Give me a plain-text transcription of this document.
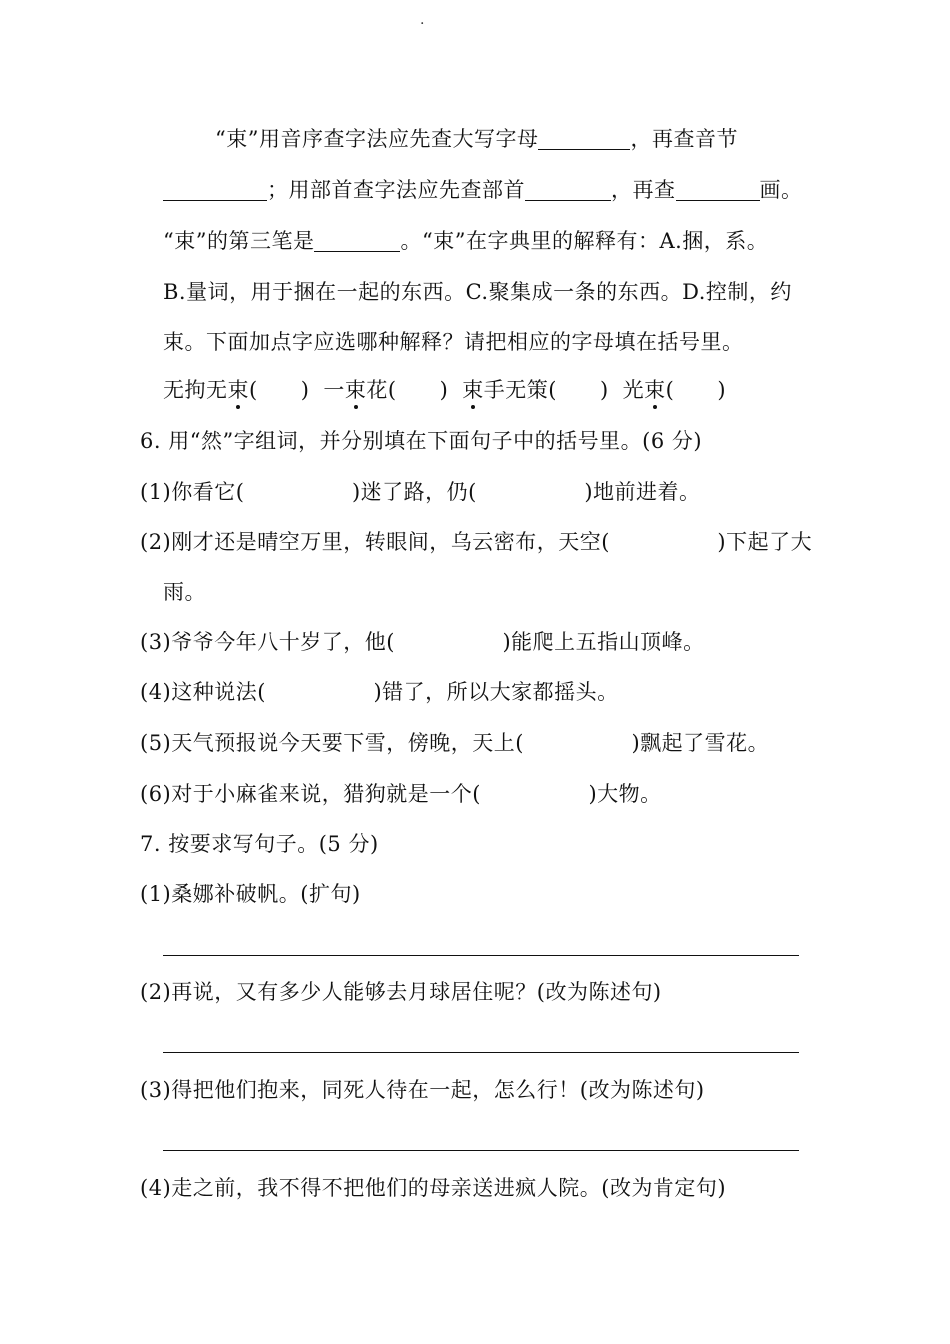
.
“束”用音序查字法应先查大写字母	，再查音节
；用部首查字法应先查部首	，再查	画。
“束”的第三笔是	。“束”在字典里的解释有：A.捆，系。
B.量词，用于捆在一起的东西。C.聚集成一条的东西。D.控制，约
束。下面加点字应选哪种解释？请把相应的字母填在括号里。
无拘无束(　　) 一束花(　　) 束手无策(　　) 光束(　　)
6. 用“然”字组词，并分别填在下面句子中的括号里。(6 分)
(1)你看它(　　　　　)迷了路，仍(　　　　　)地前进着。
(2)刚才还是晴空万里，转眼间，乌云密布，天空(　　　　　)下起了大
雨。
(3)爷爷今年八十岁了，他(　　　　　)能爬上五指山顶峰。
(4)这种说法(　　　　　)错了，所以大家都摇头。
(5)天气预报说今天要下雪，傍晚，天上(　　　　　)飘起了雪花。
(6)对于小麻雀来说，猎狗就是一个(　　　　　)大物。
7. 按要求写句子。(5 分)
(1)桑娜补破帆。(扩句)
(2)再说，又有多少人能够去月球居住呢？(改为陈述句)
(3)得把他们抱来，同死人待在一起，怎么行！(改为陈述句)
(4)走之前，我不得不把他们的母亲送进疯人院。(改为肯定句)
